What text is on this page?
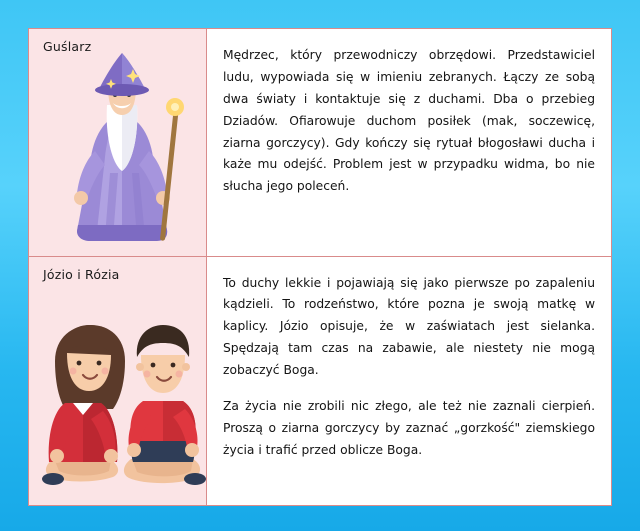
Guślarz

Mędrzec, który przewodniczy obrzędowi. Przedstawiciel ludu, wypowiada się w imieniu zebranych. Łączy ze sobą dwa światy i kontaktuje się z duchami. Dba o przebieg Dziadów. Ofiarowuje duchom posiłek (mak, soczewicę, ziarna gorczycy). Gdy kończy się rytuał błogosławi ducha i każe mu odejść. Problem jest w przypadku widma, bo nie słucha jego poleceń.

Józio i Rózia

To duchy lekkie i pojawiają się jako pierwsze po zapaleniu kądzieli. To rodzeństwo, które pozna je swoją matkę w kaplicy. Józio opisuje, że w zaświatach jest sielanka. Spędzają tam czas na zabawie, ale niestety nie mogą zobaczyć Boga.

Za życia nie zrobili nic złego, ale też nie zaznali cierpień. Proszą o ziarna gorczycy by zaznać „gorzkość" ziemskiego życia i trafić przed oblicze Boga.
